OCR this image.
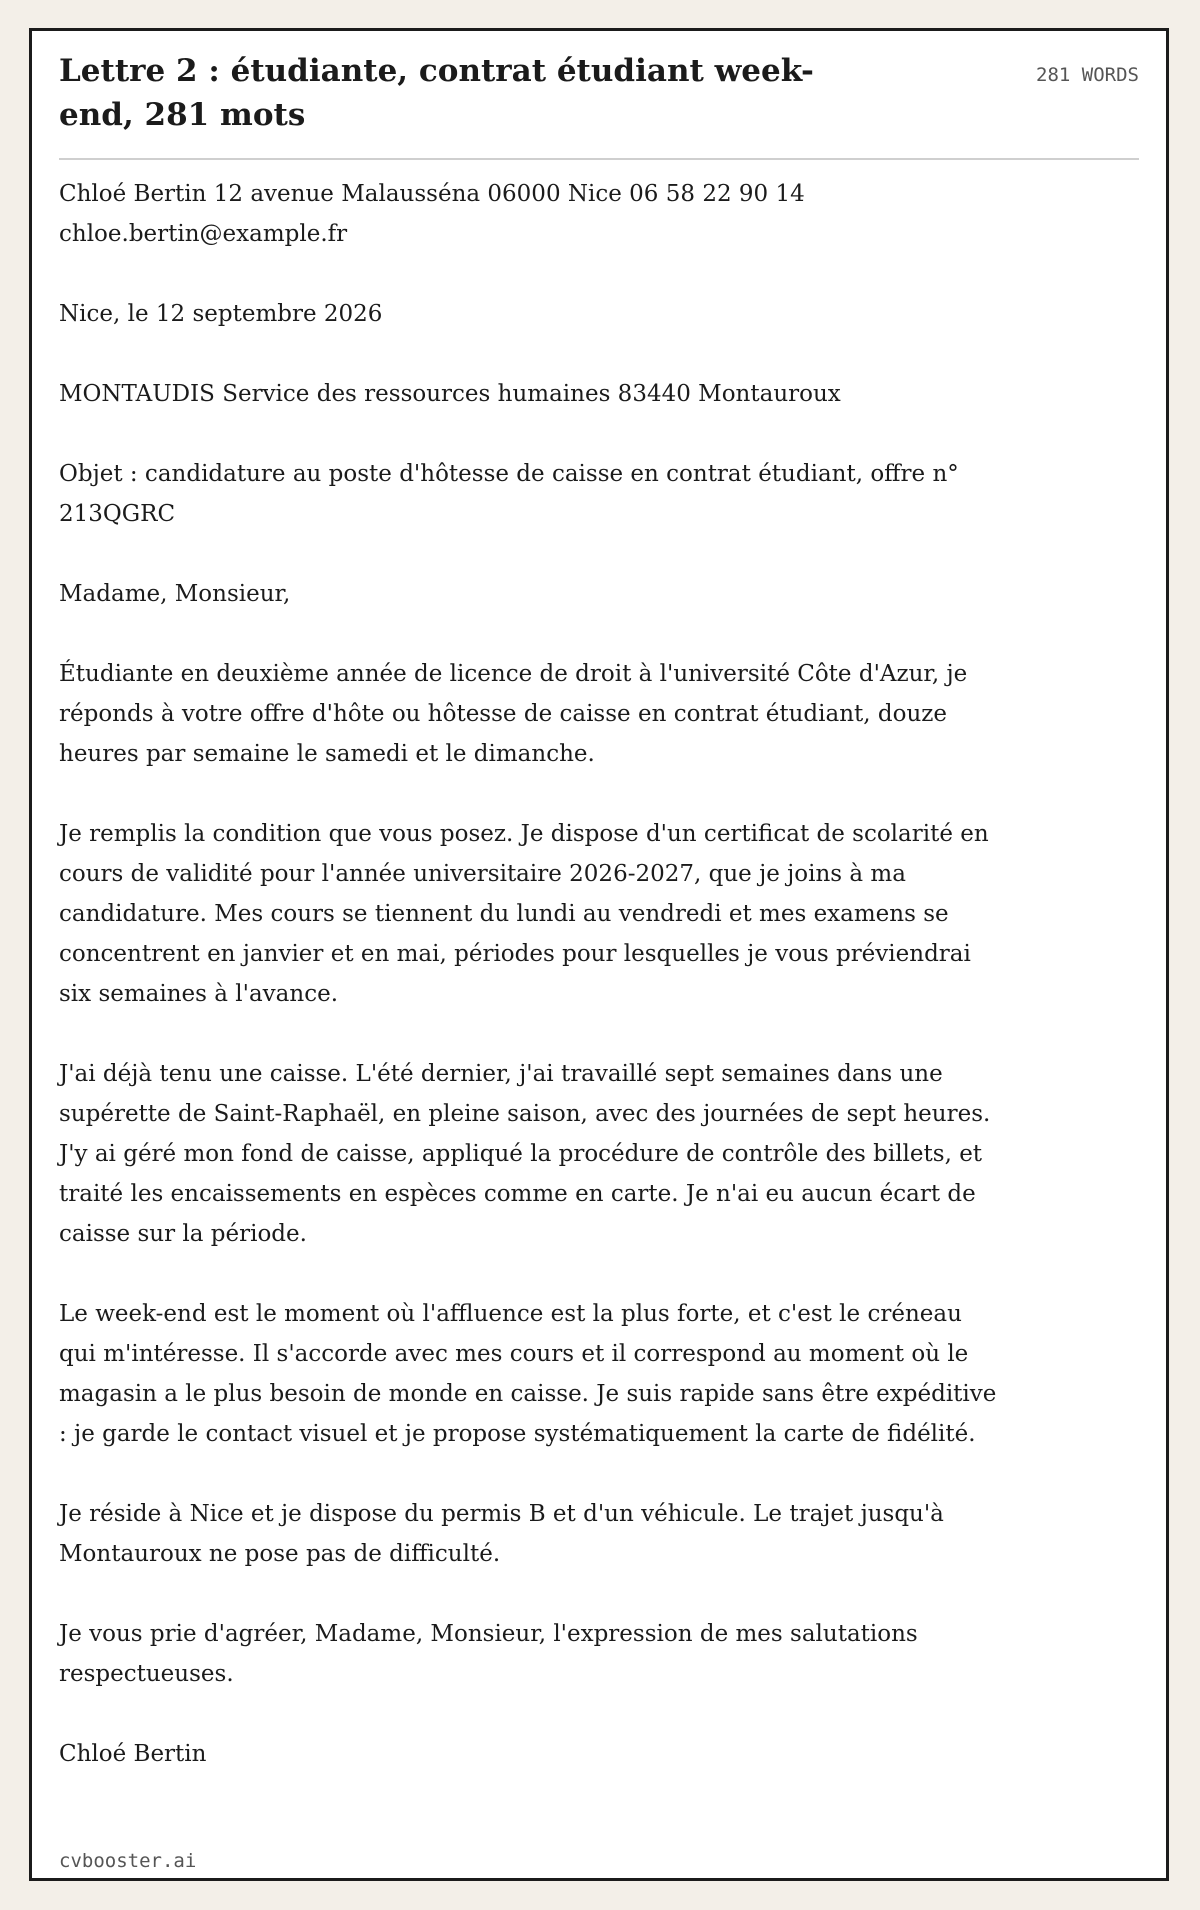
Lettre 2 : étudiante, contrat étudiant week-end, 281 mots
281 WORDS

Chloé Bertin 12 avenue Malausséna 06000 Nice 06 58 22 90 14 chloe.bertin@example.fr

Nice, le 12 septembre 2026

MONTAUDIS Service des ressources humaines 83440 Montauroux

Objet : candidature au poste d'hôtesse de caisse en contrat étudiant, offre n° 213QGRC

Madame, Monsieur,

Étudiante en deuxième année de licence de droit à l'université Côte d'Azur, je réponds à votre offre d'hôte ou hôtesse de caisse en contrat étudiant, douze heures par semaine le samedi et le dimanche.

Je remplis la condition que vous posez. Je dispose d'un certificat de scolarité en cours de validité pour l'année universitaire 2026-2027, que je joins à ma candidature. Mes cours se tiennent du lundi au vendredi et mes examens se concentrent en janvier et en mai, périodes pour lesquelles je vous préviendrai six semaines à l'avance.

J'ai déjà tenu une caisse. L'été dernier, j'ai travaillé sept semaines dans une supérette de Saint-Raphaël, en pleine saison, avec des journées de sept heures. J'y ai géré mon fond de caisse, appliqué la procédure de contrôle des billets, et traité les encaissements en espèces comme en carte. Je n'ai eu aucun écart de caisse sur la période.

Le week-end est le moment où l'affluence est la plus forte, et c'est le créneau qui m'intéresse. Il s'accorde avec mes cours et il correspond au moment où le magasin a le plus besoin de monde en caisse. Je suis rapide sans être expéditive : je garde le contact visuel et je propose systématiquement la carte de fidélité.

Je réside à Nice et je dispose du permis B et d'un véhicule. Le trajet jusqu'à Montauroux ne pose pas de difficulté.

Je vous prie d'agréer, Madame, Monsieur, l'expression de mes salutations respectueuses.

Chloé Bertin

cvbooster.ai
